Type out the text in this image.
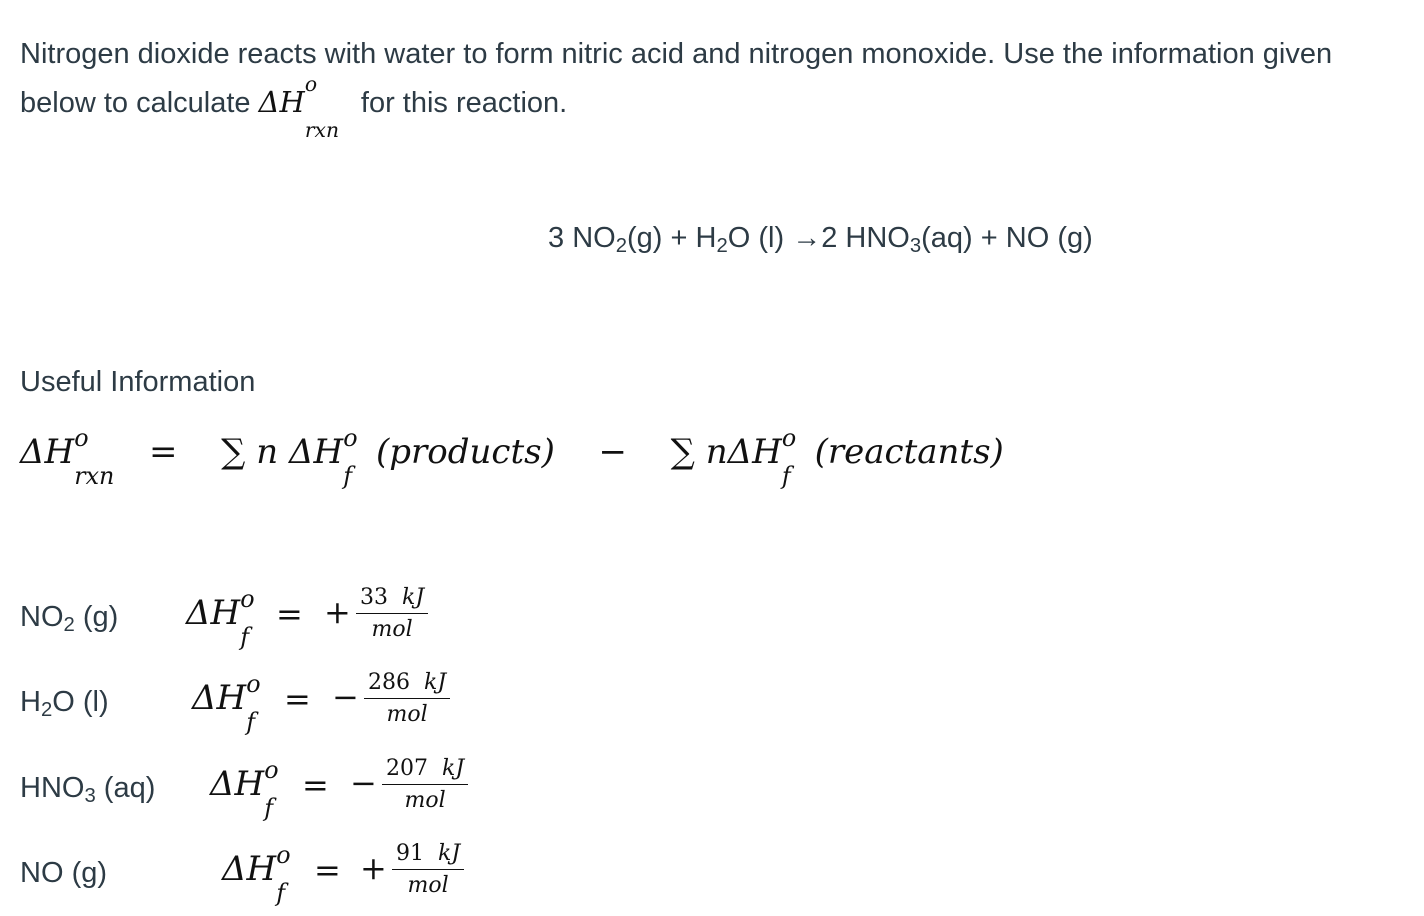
Nitrogen dioxide reacts with water to form nitric acid and nitrogen monoxide. Use the information given below to calculate ΔH
o
rxn
for this reaction.

3 $NO_2(g) + H_2O$ (l) →2 $HNO_3(aq)$ + NO (g)
Useful Information
ΔH o
rxn
= ∑ n ΔH o
f
(products) − ∑ nΔH o
f
(reactants)
$NO_2$ (g) ΔH o
f
= + 33 kJ
mol
$H_2O$ (l) ΔH o
f
= − 286 kJ
mol
$HNO_3$ (aq) ΔH o
f
= − 207 kJ
mol
NO (g)	ΔH o
f
= + 91 kJ
mol
